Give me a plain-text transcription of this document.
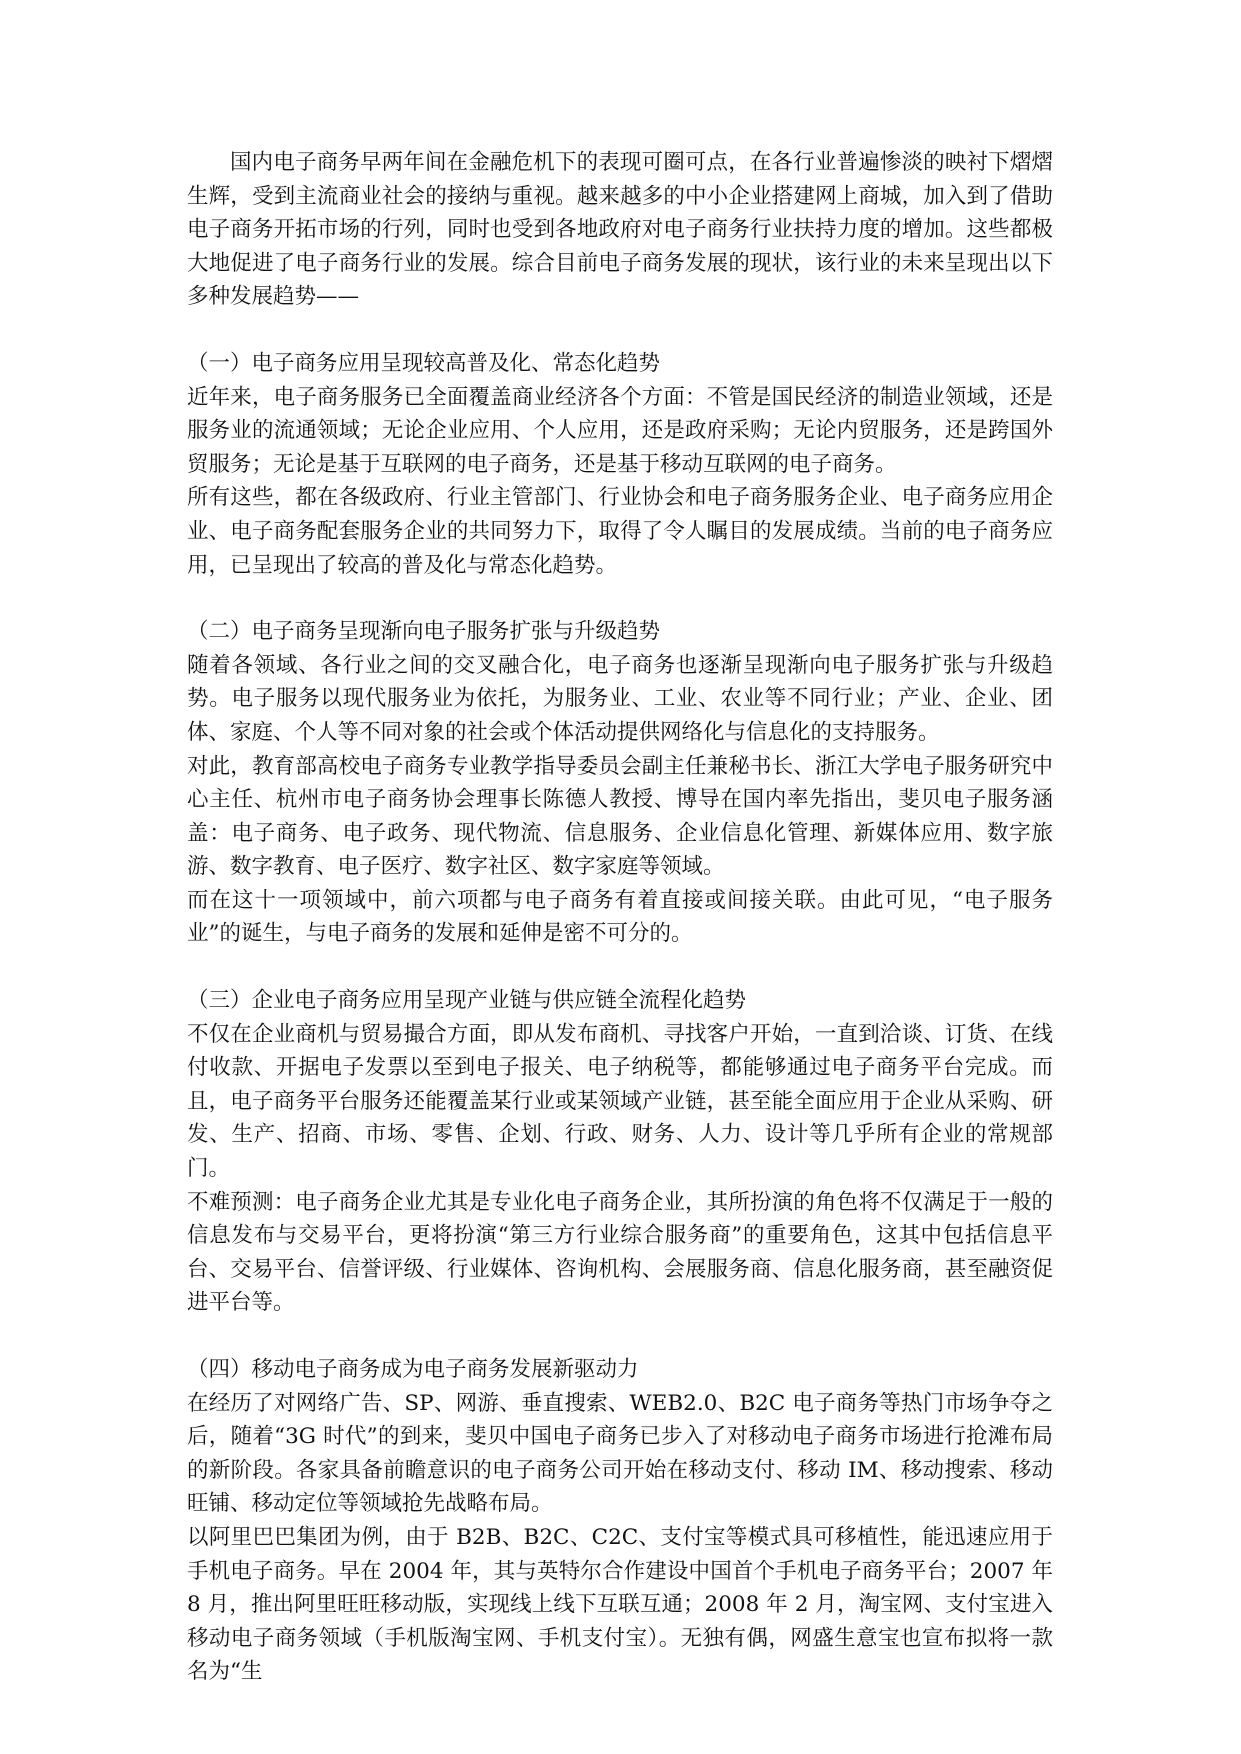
国内电子商务早两年间在金融危机下的表现可圈可点，在各行业普遍惨淡的映衬下熠熠生辉，受到主流商业社会的接纳与重视。越来越多的中小企业搭建网上商城，加入到了借助电子商务开拓市场的行列，同时也受到各地政府对电子商务行业扶持力度的增加。这些都极大地促进了电子商务行业的发展。综合目前电子商务发展的现状，该行业的未来呈现出以下多种发展趋势——

（一）电子商务应用呈现较高普及化、常态化趋势

近年来，电子商务服务已全面覆盖商业经济各个方面：不管是国民经济的制造业领域，还是服务业的流通领域；无论企业应用、个人应用，还是政府采购；无论内贸服务，还是跨国外贸服务；无论是基于互联网的电子商务，还是基于移动互联网的电子商务。

所有这些，都在各级政府、行业主管部门、行业协会和电子商务服务企业、电子商务应用企业、电子商务配套服务企业的共同努力下，取得了令人瞩目的发展成绩。当前的电子商务应用，已呈现出了较高的普及化与常态化趋势。

（二）电子商务呈现渐向电子服务扩张与升级趋势

随着各领域、各行业之间的交叉融合化，电子商务也逐渐呈现渐向电子服务扩张与升级趋势。电子服务以现代服务业为依托，为服务业、工业、农业等不同行业；产业、企业、团体、家庭、个人等不同对象的社会或个体活动提供网络化与信息化的支持服务。

对此，教育部高校电子商务专业教学指导委员会副主任兼秘书长、浙江大学电子服务研究中心主任、杭州市电子商务协会理事长陈德人教授、博导在国内率先指出，斐贝电子服务涵盖：电子商务、电子政务、现代物流、信息服务、企业信息化管理、新媒体应用、数字旅游、数字教育、电子医疗、数字社区、数字家庭等领域。

而在这十一项领域中，前六项都与电子商务有着直接或间接关联。由此可见，“电子服务业”的诞生，与电子商务的发展和延伸是密不可分的。

（三）企业电子商务应用呈现产业链与供应链全流程化趋势

不仅在企业商机与贸易撮合方面，即从发布商机、寻找客户开始，一直到洽谈、订货、在线付收款、开据电子发票以至到电子报关、电子纳税等，都能够通过电子商务平台完成。而且，电子商务平台服务还能覆盖某行业或某领域产业链，甚至能全面应用于企业从采购、研发、生产、招商、市场、零售、企划、行政、财务、人力、设计等几乎所有企业的常规部门。

不难预测：电子商务企业尤其是专业化电子商务企业，其所扮演的角色将不仅满足于一般的信息发布与交易平台，更将扮演“第三方行业综合服务商”的重要角色，这其中包括信息平台、交易平台、信誉评级、行业媒体、咨询机构、会展服务商、信息化服务商，甚至融资促进平台等。

（四）移动电子商务成为电子商务发展新驱动力

在经历了对网络广告、SP、网游、垂直搜索、WEB2.0、B2C 电子商务等热门市场争夺之后，随着“3G 时代”的到来，斐贝中国电子商务已步入了对移动电子商务市场进行抢滩布局的新阶段。各家具备前瞻意识的电子商务公司开始在移动支付、移动 IM、移动搜索、移动旺铺、移动定位等领域抢先战略布局。

以阿里巴巴集团为例，由于 B2B、B2C、C2C、支付宝等模式具可移植性，能迅速应用于手机电子商务。早在 2004 年，其与英特尔合作建设中国首个手机电子商务平台；2007 年 8 月，推出阿里旺旺移动版，实现线上线下互联互通；2008 年 2 月，淘宝网、支付宝进入移动电子商务领域（手机版淘宝网、手机支付宝）。无独有偶，网盛生意宝也宣布拟将一款名为“生
